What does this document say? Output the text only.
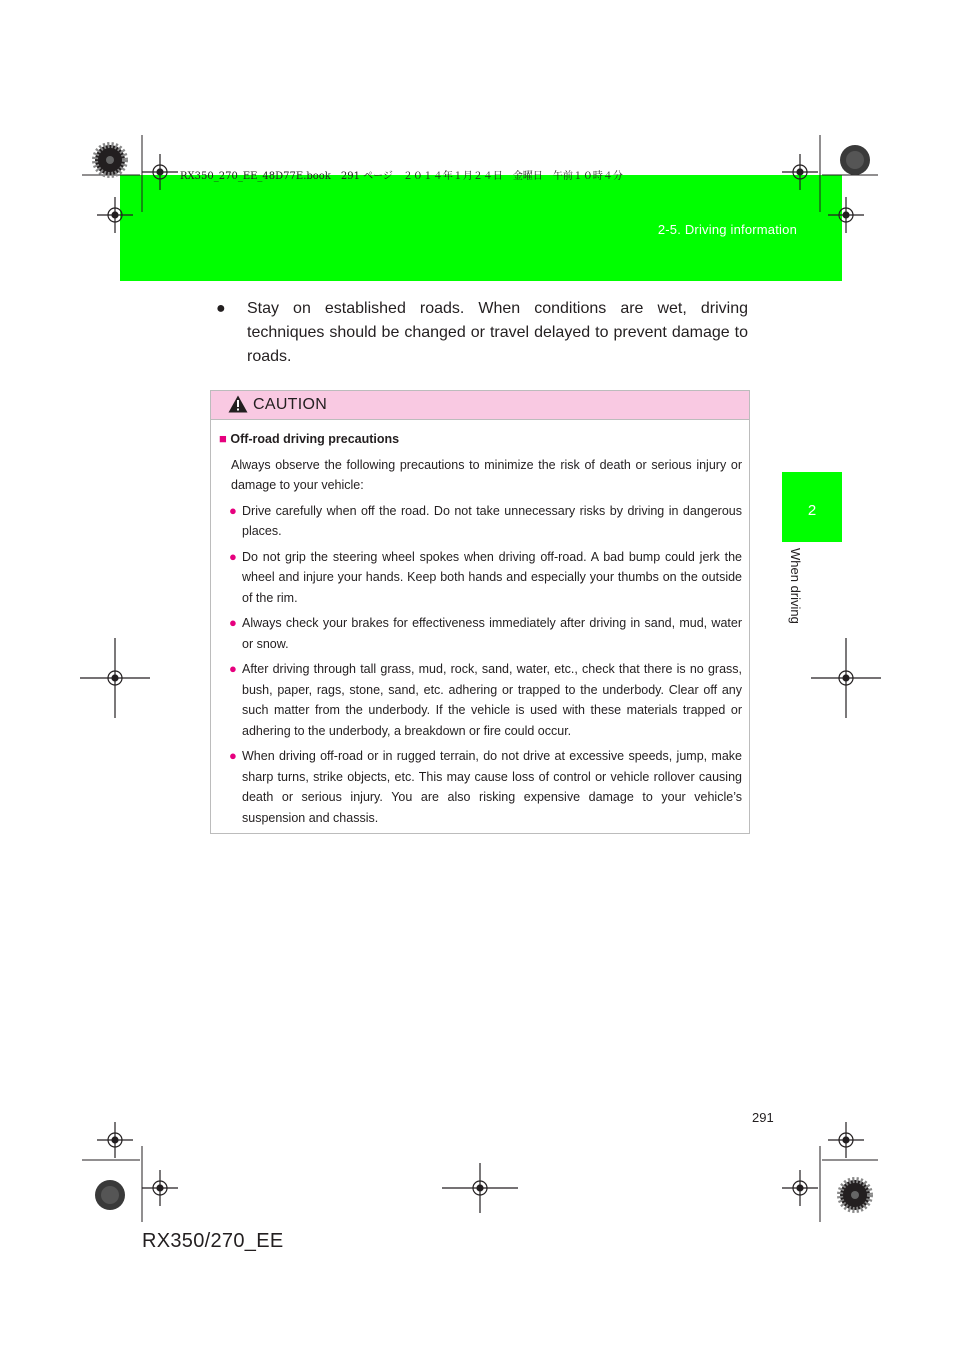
RX350_270_EE_48D77E.book　291 ページ　２０１４年１月２４日　金曜日　午前１０時４分
2-5. Driving information
2
When driving
●	Stay on established roads. When conditions are wet, driving techniques should be changed or travel delayed to prevent damage to roads.
CAUTION
■ Off-road driving precautions
Always observe the following precautions to minimize the risk of death or serious injury or damage to your vehicle:
● Drive carefully when off the road. Do not take unnecessary risks by driving in dangerous places.
● Do not grip the steering wheel spokes when driving off-road. A bad bump could jerk the wheel and injure your hands. Keep both hands and especially your thumbs on the outside of the rim.
● Always check your brakes for effectiveness immediately after driving in sand, mud, water or snow.
● After driving through tall grass, mud, rock, sand, water, etc., check that there is no grass, bush, paper, rags, stone, sand, etc. adhering or trapped to the underbody. Clear off any such matter from the underbody. If the vehicle is used with these materials trapped or adhering to the underbody, a breakdown or fire could occur.
● When driving off-road or in rugged terrain, do not drive at excessive speeds, jump, make sharp turns, strike objects, etc. This may cause loss of control or vehicle rollover causing death or serious injury. You are also risking expensive damage to your vehicle’s suspension and chassis.
291
RX350/270_EE
